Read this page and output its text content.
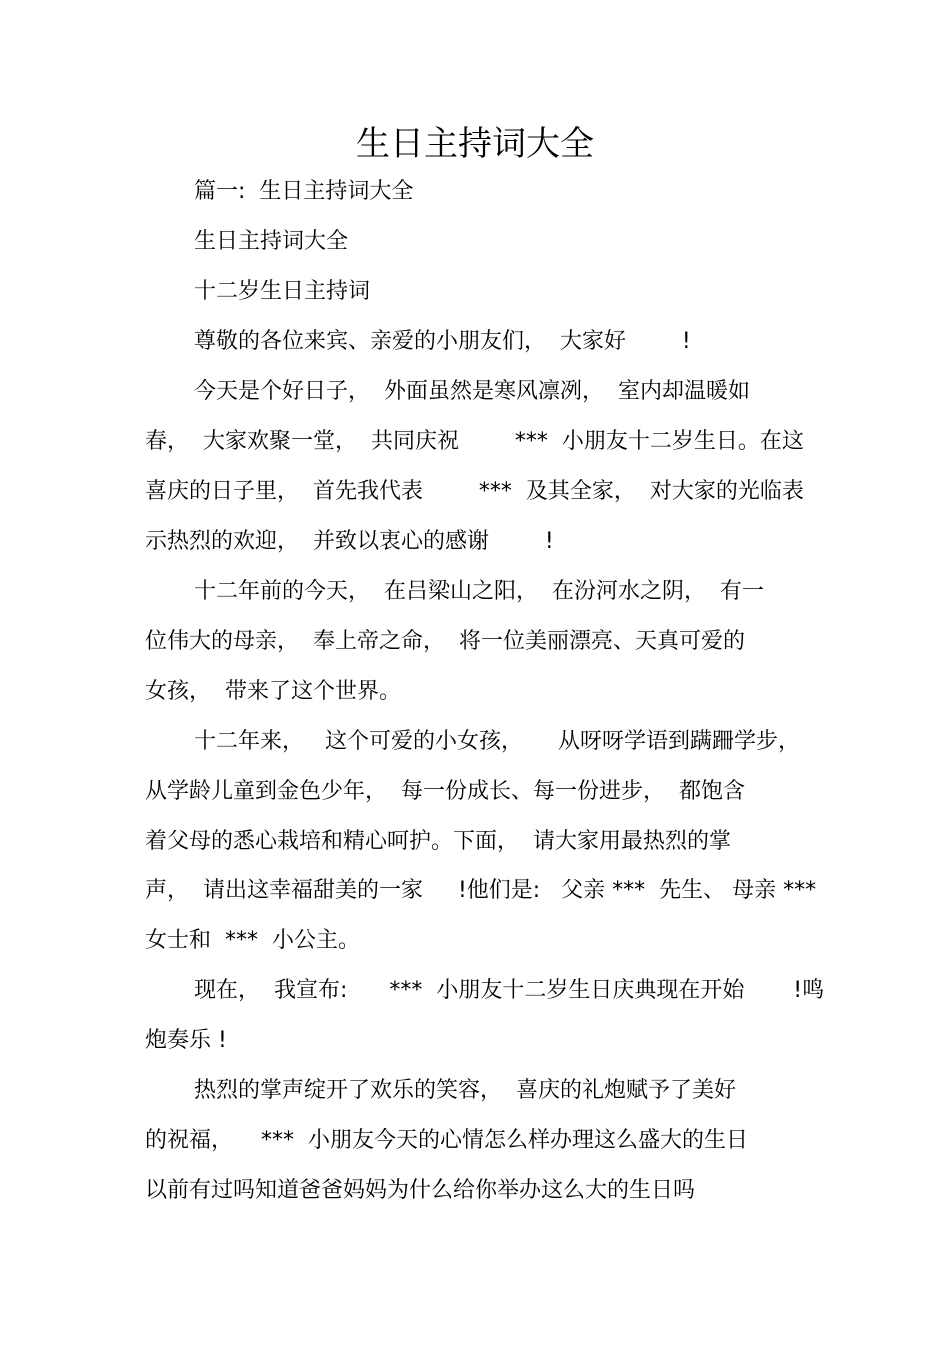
生日主持词大全

篇一:  生日主持词大全

生日主持词大全

十二岁生日主持词

尊敬的各位来宾、亲爱的小朋友们，  大家好        !

今天是个好日子，  外面虽然是寒风凛冽，  室内却温暖如

春，  大家欢聚一堂，  共同庆祝        ***  小朋友十二岁生日。在这

喜庆的日子里，  首先我代表        ***  及其全家，  对大家的光临表

示热烈的欢迎，  并致以衷心的感谢        !

十二年前的今天，  在吕梁山之阳，  在汾河水之阴，  有一

位伟大的母亲，  奉上帝之命，  将一位美丽漂亮、天真可爱的

女孩，  带来了这个世界。

十二年来，   这个可爱的小女孩，     从呀呀学语到蹒跚学步，

从学龄儿童到金色少年，  每一份成长、每一份进步，  都饱含

着父母的悉心栽培和精心呵护。下面，  请大家用最热烈的掌

声，  请出这幸福甜美的一家     !他们是:   父亲 ***  先生、 母亲 ***

女士和  ***  小公主。

现在，  我宣布:      ***  小朋友十二岁生日庆典现在开始       !鸣

炮奏乐 !

热烈的掌声绽开了欢乐的笑容，  喜庆的礼炮赋予了美好

的祝福，    ***  小朋友今天的心情怎么样办理这么盛大的生日

以前有过吗知道爸爸妈妈为什么给你举办这么大的生日吗
